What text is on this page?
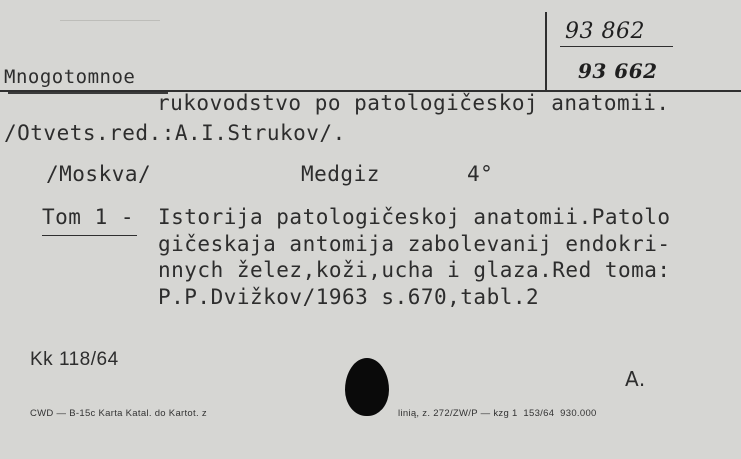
Mnogotomnoe
93 862
93 662
rukovodstvo po patologičeskoj anatomii.
/Otvets.red.:A.I.Strukov/.
/Moskva/	Medgiz	4°
Tom 1 - Istorija patologičeskoj anatomii.Patolo
gičeskaja antomija zabolevanij endokri-
nnych želez,koži,ucha i glaza.Red toma:
P.P.Dvižkov/1963 s.670,tabl.2
Kk 118/64
A.
CWD — B-15c Karta Katal. do Kartot. z	linią, z. 272/ZW/P — kzg 1  153/64  930.000
